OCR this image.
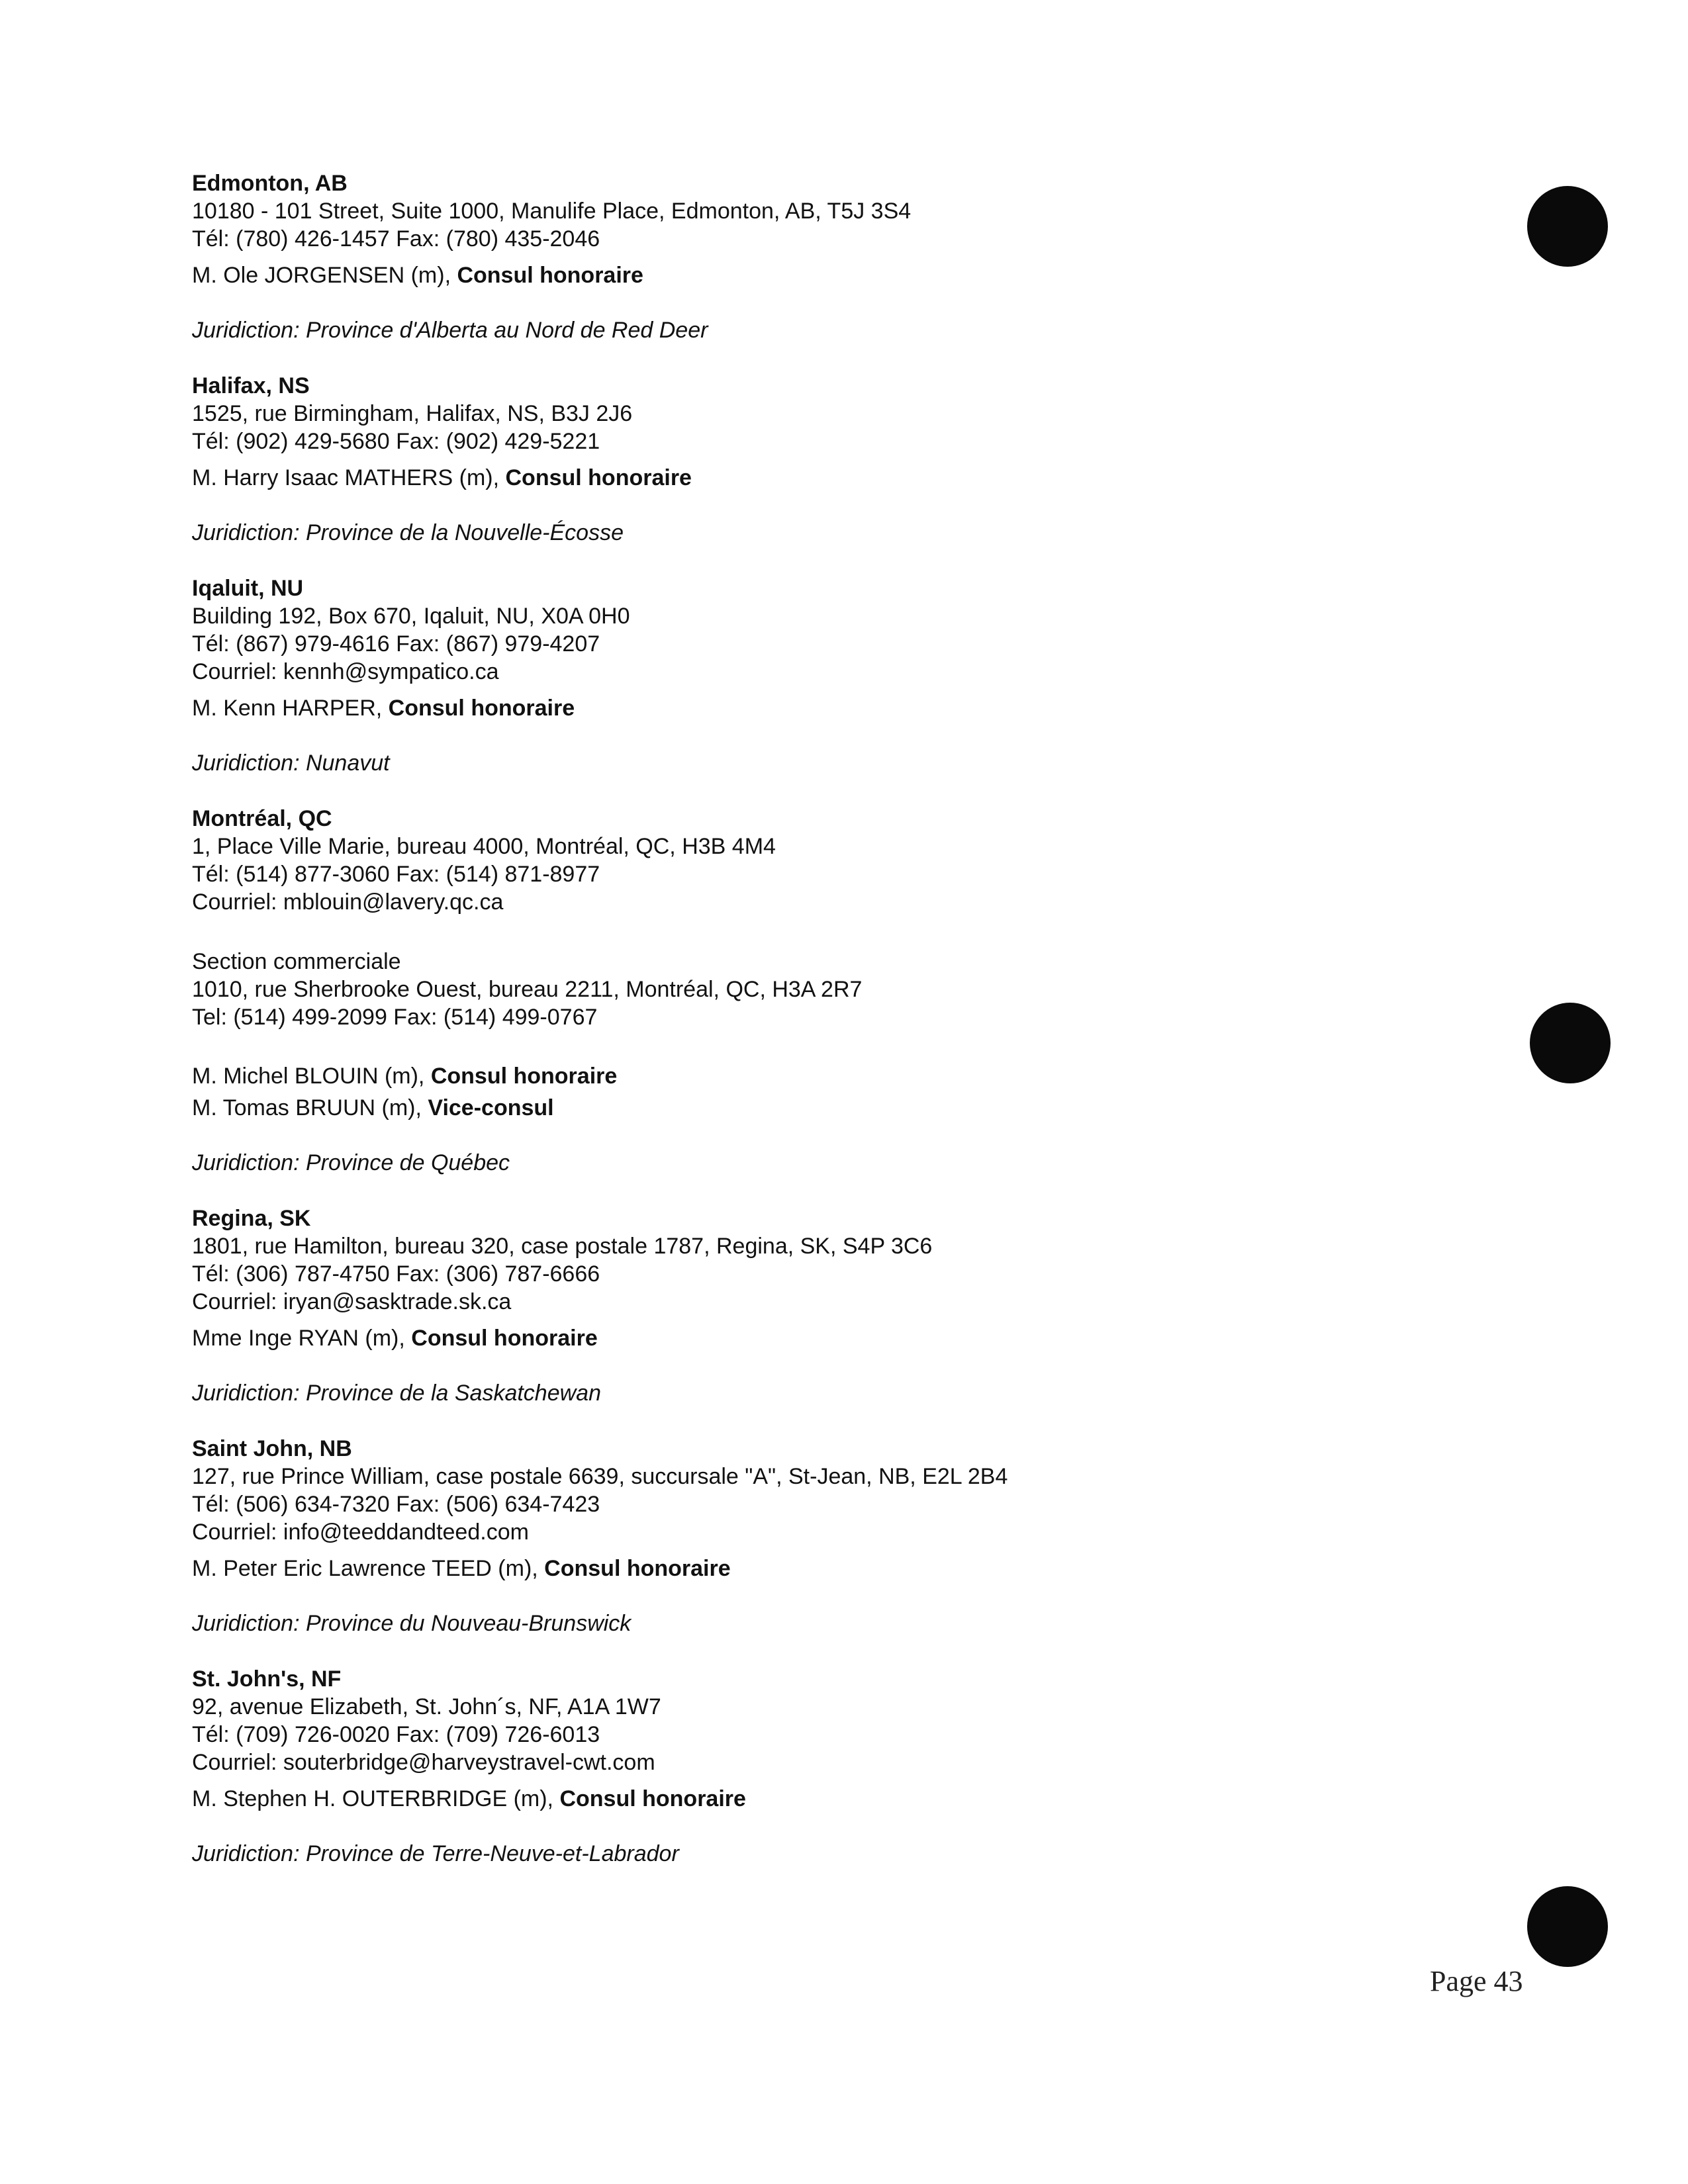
Edmonton, AB
10180 - 101 Street, Suite 1000, Manulife Place, Edmonton, AB, T5J 3S4
Tél: (780) 426-1457 Fax: (780) 435-2046
M. Ole JORGENSEN (m), Consul honoraire
Juridiction: Province d'Alberta au Nord de Red Deer
Halifax, NS
1525, rue Birmingham, Halifax, NS, B3J 2J6
Tél: (902) 429-5680 Fax: (902) 429-5221
M. Harry Isaac MATHERS (m), Consul honoraire
Juridiction: Province de la Nouvelle-Écosse
Iqaluit, NU
Building 192, Box 670, Iqaluit, NU, X0A 0H0
Tél: (867) 979-4616 Fax: (867) 979-4207
Courriel: kennh@sympatico.ca
M. Kenn HARPER, Consul honoraire
Juridiction: Nunavut
Montréal, QC
1, Place Ville Marie, bureau 4000, Montréal, QC, H3B 4M4
Tél: (514) 877-3060 Fax: (514) 871-8977
Courriel: mblouin@lavery.qc.ca
Section commerciale
1010, rue Sherbrooke Ouest, bureau 2211, Montréal, QC, H3A 2R7
Tel: (514) 499-2099 Fax: (514) 499-0767
M. Michel BLOUIN (m), Consul honoraire
M. Tomas BRUUN (m), Vice-consul
Juridiction: Province de Québec
Regina, SK
1801, rue Hamilton, bureau 320, case postale 1787, Regina, SK, S4P 3C6
Tél: (306) 787-4750 Fax: (306) 787-6666
Courriel: iryan@sasktrade.sk.ca
Mme Inge RYAN (m), Consul honoraire
Juridiction: Province de la Saskatchewan
Saint John, NB
127, rue Prince William, case postale 6639, succursale "A", St-Jean, NB, E2L 2B4
Tél: (506) 634-7320 Fax: (506) 634-7423
Courriel: info@teeddandteed.com
M. Peter Eric Lawrence TEED (m), Consul honoraire
Juridiction: Province du Nouveau-Brunswick
St. John's, NF
92, avenue Elizabeth, St. John´s, NF, A1A 1W7
Tél: (709) 726-0020 Fax: (709) 726-6013
Courriel: souterbridge@harveystravel-cwt.com
M. Stephen H. OUTERBRIDGE (m), Consul honoraire
Juridiction: Province de Terre-Neuve-et-Labrador
Page 43
